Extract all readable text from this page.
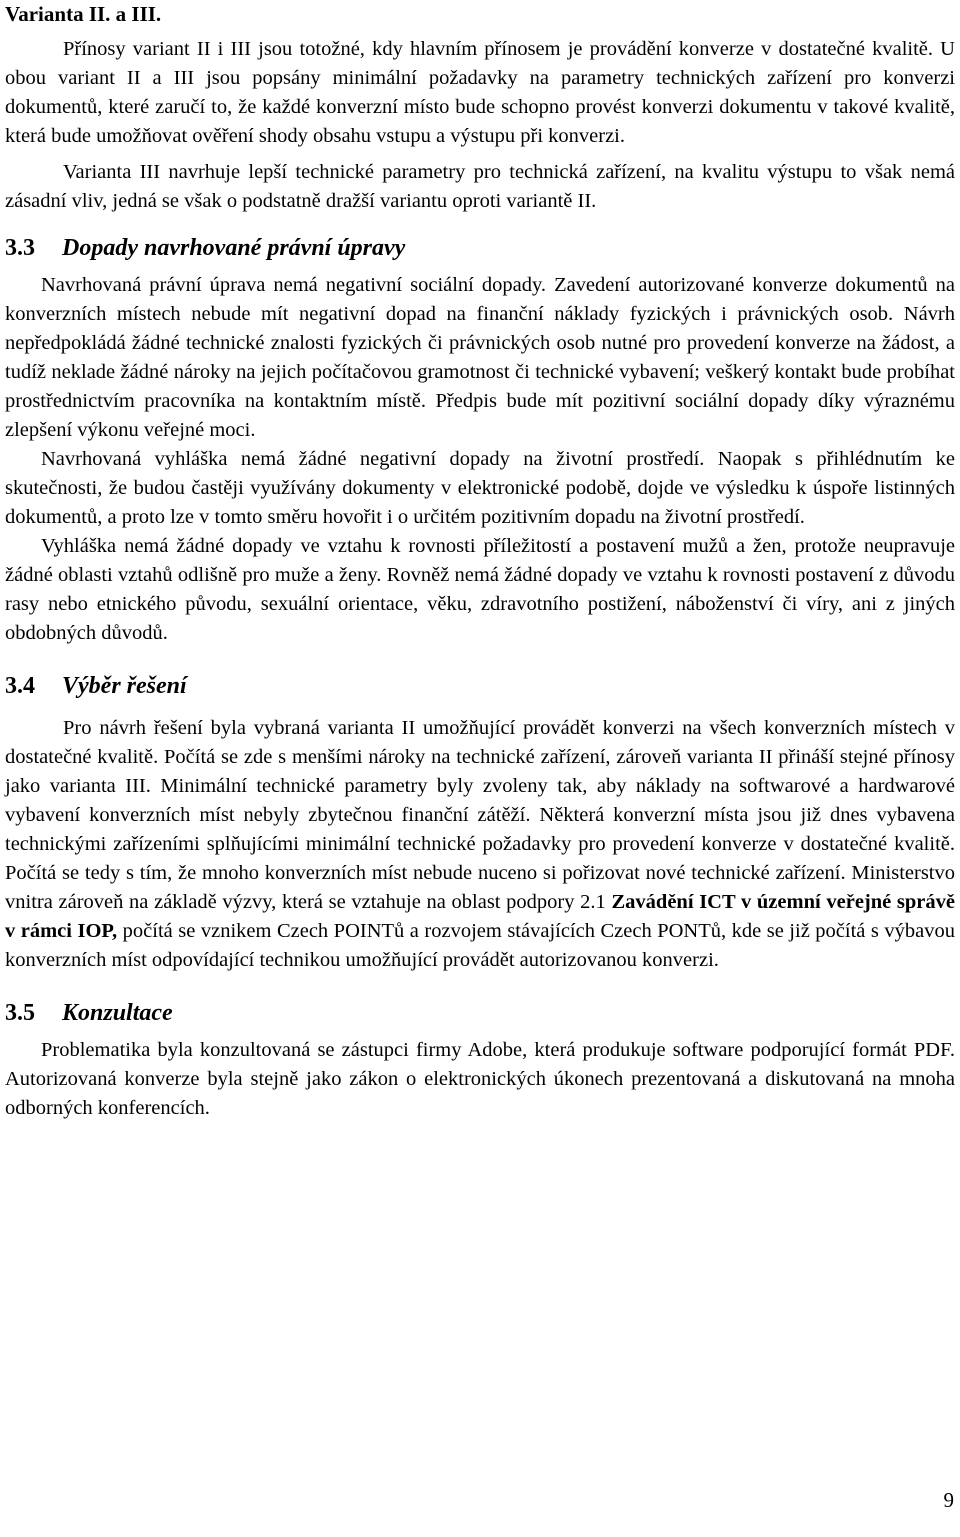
Varianta II. a III.

Přínosy variant II i III jsou totožné, kdy hlavním přínosem je provádění konverze v dostatečné kvalitě. U obou variant II a III jsou popsány minimální požadavky na parametry technických zařízení pro konverzi dokumentů, které zaručí to, že každé konverzní místo bude schopno provést konverzi dokumentu v takové kvalitě, která bude umožňovat ověření shody obsahu vstupu a výstupu při konverzi.

Varianta III navrhuje lepší technické parametry pro technická zařízení, na kvalitu výstupu to však nemá zásadní vliv, jedná se však o podstatně dražší variantu oproti variantě II.

3.3 Dopady navrhované právní úpravy

Navrhovaná právní úprava nemá negativní sociální dopady. Zavedení autorizované konverze dokumentů na konverzních místech nebude mít negativní dopad na finanční náklady fyzických i právnických osob. Návrh nepředpokládá žádné technické znalosti fyzických či právnických osob nutné pro provedení konverze na žádost, a tudíž neklade žádné nároky na jejich počítačovou gramotnost či technické vybavení; veškerý kontakt bude probíhat prostřednictvím pracovníka na kontaktním místě. Předpis bude mít pozitivní sociální dopady díky výraznému zlepšení výkonu veřejné moci.

Navrhovaná vyhláška nemá žádné negativní dopady na životní prostředí. Naopak s přihlédnutím ke skutečnosti, že budou častěji využívány dokumenty v elektronické podobě, dojde ve výsledku k úspoře listinných dokumentů, a proto lze v tomto směru hovořit i o určitém pozitivním dopadu na životní prostředí.

Vyhláška nemá žádné dopady ve vztahu k rovnosti příležitostí a postavení mužů a žen, protože neupravuje žádné oblasti vztahů odlišně pro muže a ženy. Rovněž nemá žádné dopady ve vztahu k rovnosti postavení z důvodu rasy nebo etnického původu, sexuální orientace, věku, zdravotního postižení, náboženství či víry, ani z jiných obdobných důvodů.

3.4 Výběr řešení

Pro návrh řešení byla vybraná varianta II umožňující provádět konverzi na všech konverzních místech v dostatečné kvalitě. Počítá se zde s menšími nároky na technické zařízení, zároveň varianta II přináší stejné přínosy jako varianta III. Minimální technické parametry byly zvoleny tak, aby náklady na softwarové a hardwarové vybavení konverzních míst nebyly zbytečnou finanční zátěží. Některá konverzní místa jsou již dnes vybavena technickými zařízeními splňujícími minimální technické požadavky pro provedení konverze v dostatečné kvalitě. Počítá se tedy s tím, že mnoho konverzních míst nebude nuceno si pořizovat nové technické zařízení. Ministerstvo vnitra zároveň na základě výzvy, která se vztahuje na oblast podpory 2.1 Zavádění ICT v územní veřejné správě v rámci IOP, počítá se vznikem Czech POINTů a rozvojem stávajících Czech PONTů, kde se již počítá s výbavou konverzních míst odpovídající technikou umožňující provádět autorizovanou konverzi.

3.5 Konzultace

Problematika byla konzultovaná se zástupci firmy Adobe, která produkuje software podporující formát PDF. Autorizovaná konverze byla stejně jako zákon o elektronických úkonech prezentovaná a diskutovaná na mnoha odborných konferencích.

9
